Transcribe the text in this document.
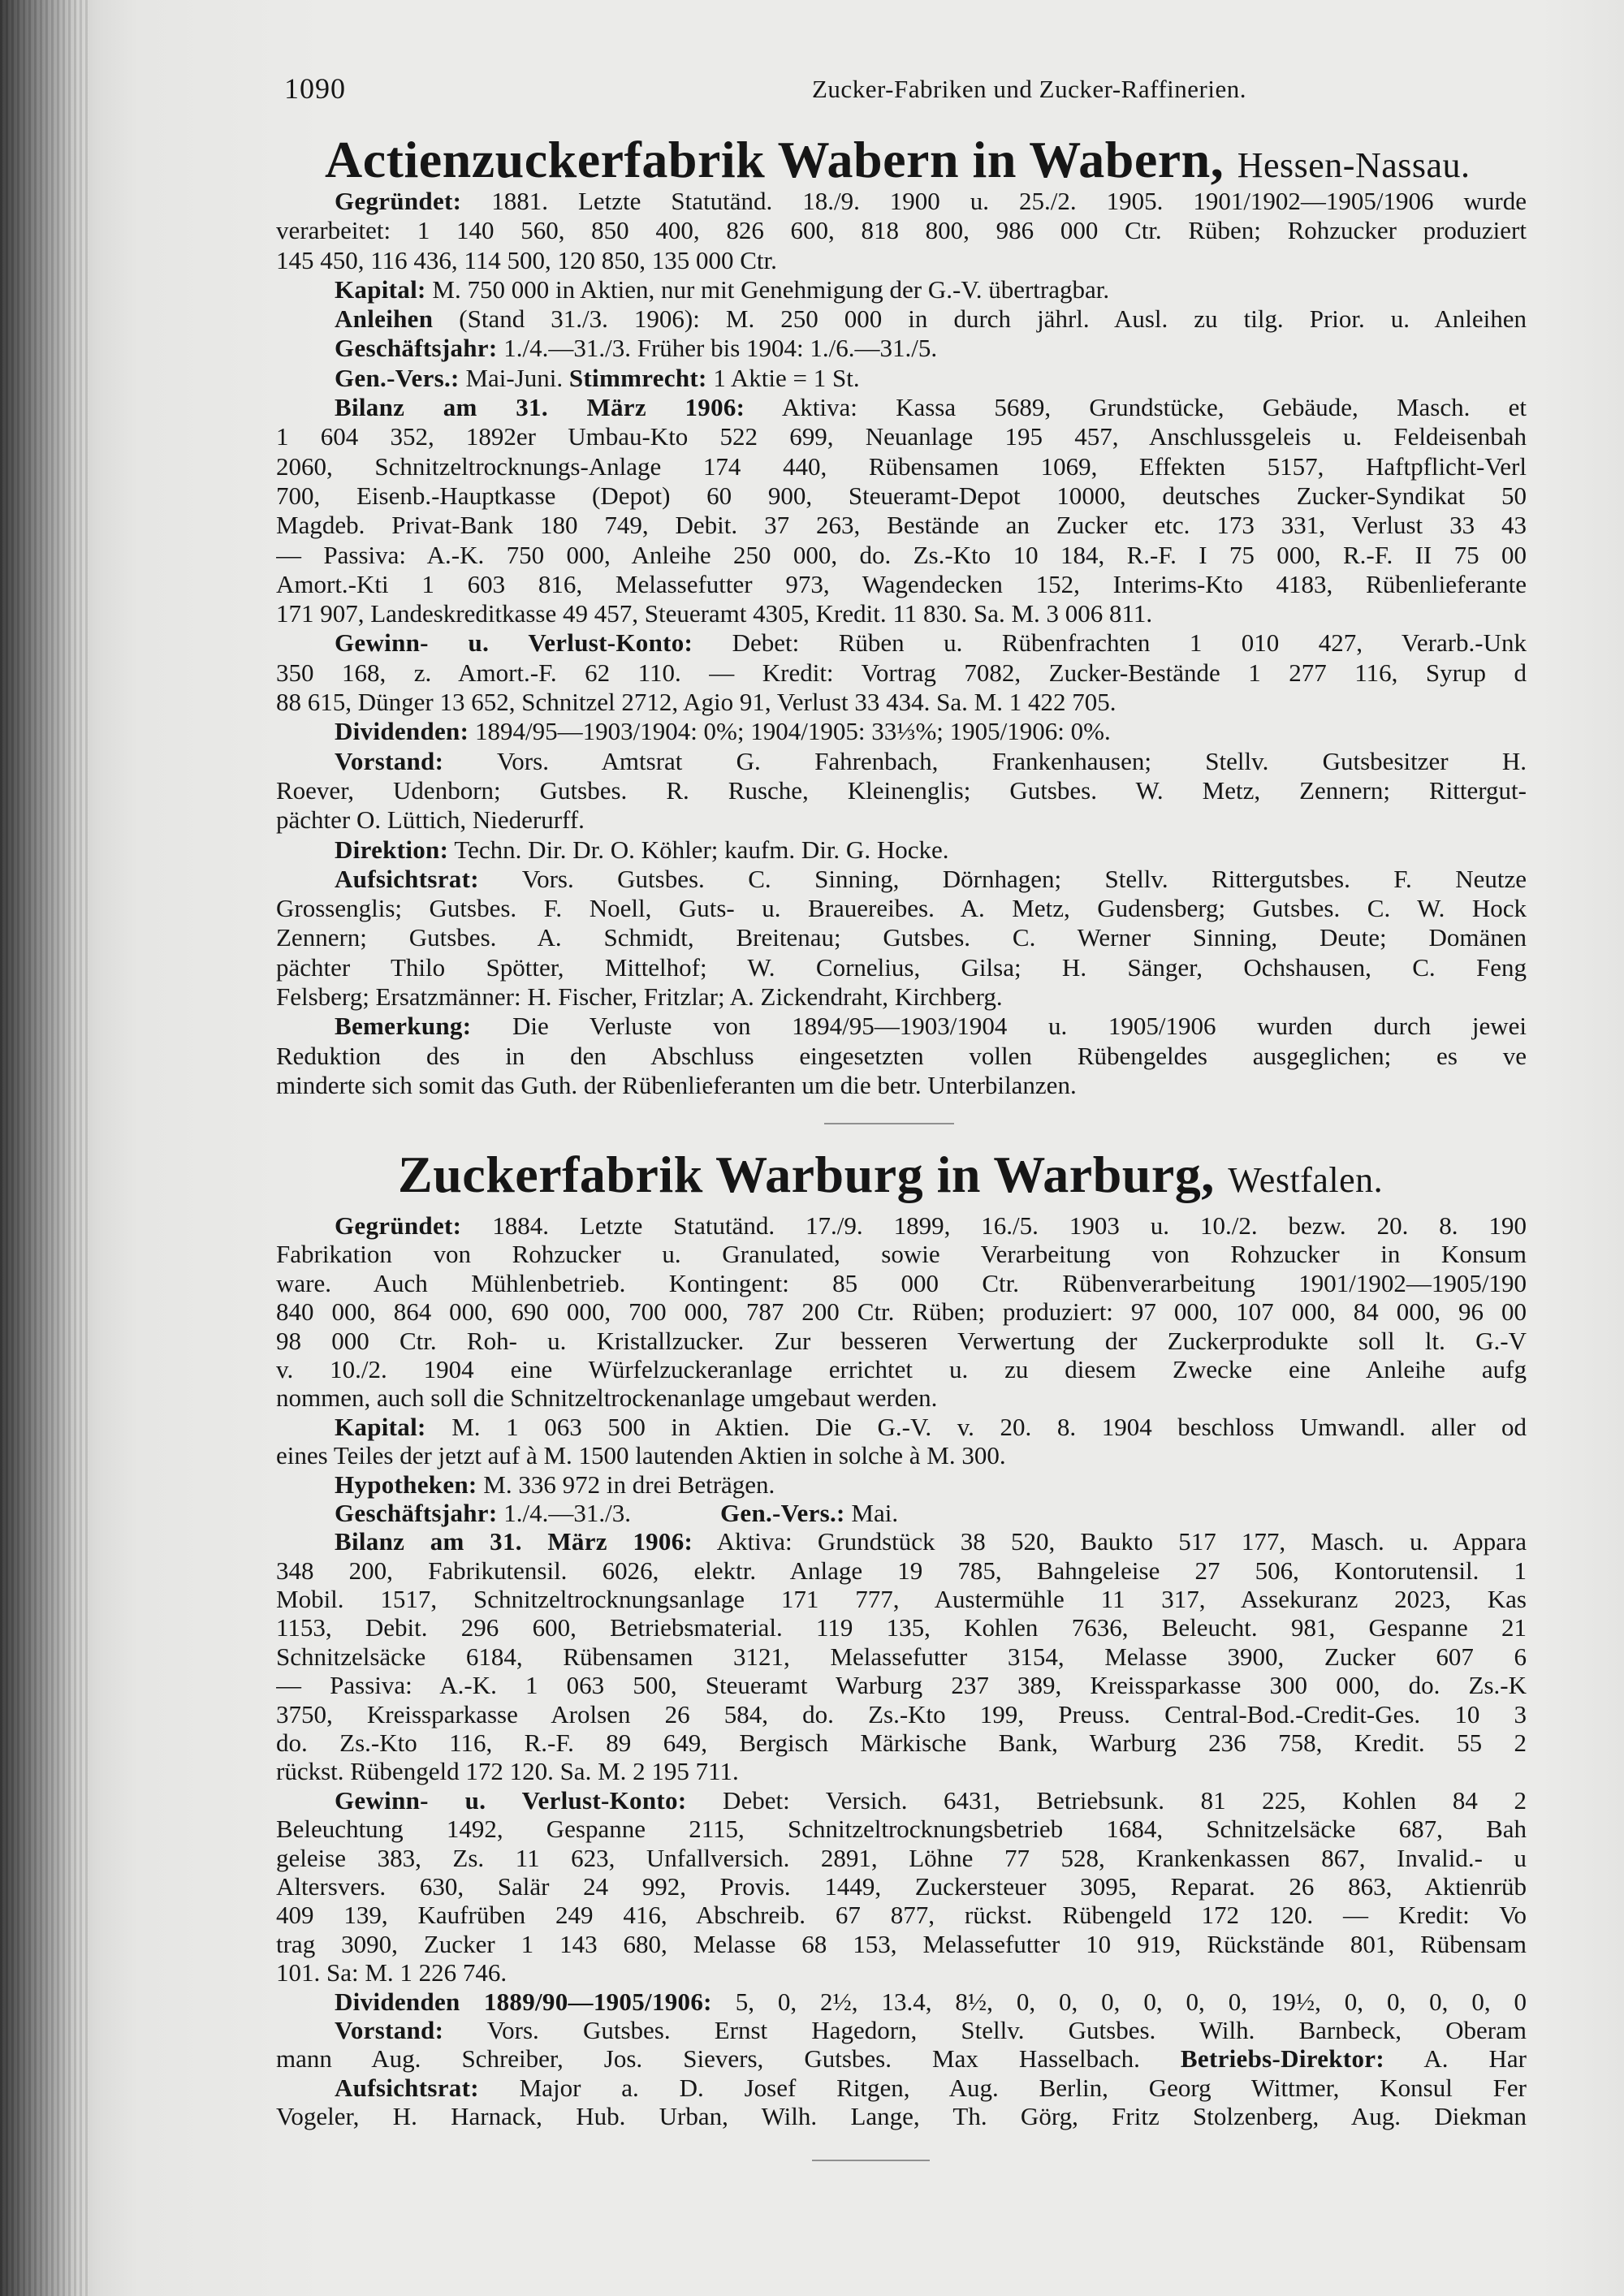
1090	Zucker-Fabriken und Zucker-Raffinerien.
Actienzuckerfabrik Wabern in Wabern, Hessen-Nassau.
Gegründet: 1881. Letzte Statutänd. 18./9. 1900 u. 25./2. 1905. 1901/1902—1905/1906 wurde
verarbeitet: 1 140 560, 850 400, 826 600, 818 800, 986 000 Ctr. Rüben; Rohzucker produziert
145 450, 116 436, 114 500, 120 850, 135 000 Ctr.
Kapital: M. 750 000 in Aktien, nur mit Genehmigung der G.-V. übertragbar.
Anleihen (Stand 31./3. 1906): M. 250 000 in durch jährl. Ausl. zu tilg. Prior. u. Anleihen
Geschäftsjahr: 1./4.—31./3. Früher bis 1904: 1./6.—31./5.
Gen.-Vers.: Mai-Juni. Stimmrecht: 1 Aktie = 1 St.
Bilanz am 31. März 1906: Aktiva: Kassa 5689, Grundstücke, Gebäude, Masch. et
1 604 352, 1892er Umbau-Kto 522 699, Neuanlage 195 457, Anschlussgeleis u. Feldeisenbah
2060, Schnitzeltrocknungs-Anlage 174 440, Rübensamen 1069, Effekten 5157, Haftpflicht-Verl
700, Eisenb.-Hauptkasse (Depot) 60 900, Steueramt-Depot 10000, deutsches Zucker-Syndikat 50
Magdeb. Privat-Bank 180 749, Debit. 37 263, Bestände an Zucker etc. 173 331, Verlust 33 43
— Passiva: A.-K. 750 000, Anleihe 250 000, do. Zs.-Kto 10 184, R.-F. I 75 000, R.-F. II 75 00
Amort.-Kti 1 603 816, Melassefutter 973, Wagendecken 152, Interims-Kto 4183, Rübenlieferante
171 907, Landeskreditkasse 49 457, Steueramt 4305, Kredit. 11 830. Sa. M. 3 006 811.
Gewinn- u. Verlust-Konto: Debet: Rüben u. Rübenfrachten 1 010 427, Verarb.-Unk
350 168, z. Amort.-F. 62 110. — Kredit: Vortrag 7082, Zucker-Bestände 1 277 116, Syrup d
88 615, Dünger 13 652, Schnitzel 2712, Agio 91, Verlust 33 434. Sa. M. 1 422 705.
Dividenden: 1894/95—1903/1904: 0%; 1904/1905: 33⅓%; 1905/1906: 0%.
Vorstand: Vors. Amtsrat G. Fahrenbach, Frankenhausen; Stellv. Gutsbesitzer H.
Roever, Udenborn; Gutsbes. R. Rusche, Kleinenglis; Gutsbes. W. Metz, Zennern; Rittergut-
pächter O. Lüttich, Niederurff.
Direktion: Techn. Dir. Dr. O. Köhler; kaufm. Dir. G. Hocke.
Aufsichtsrat: Vors. Gutsbes. C. Sinning, Dörnhagen; Stellv. Rittergutsbes. F. Neutze
Grossenglis; Gutsbes. F. Noell, Guts- u. Brauereibes. A. Metz, Gudensberg; Gutsbes. C. W. Hock
Zennern; Gutsbes. A. Schmidt, Breitenau; Gutsbes. C. Werner Sinning, Deute; Domänen
pächter Thilo Spötter, Mittelhof; W. Cornelius, Gilsa; H. Sänger, Ochshausen, C. Feng
Felsberg; Ersatzmänner: H. Fischer, Fritzlar; A. Zickendraht, Kirchberg.
Bemerkung: Die Verluste von 1894/95—1903/1904 u. 1905/1906 wurden durch jewei
Reduktion des in den Abschluss eingesetzten vollen Rübengeldes ausgeglichen; es ve
minderte sich somit das Guth. der Rübenlieferanten um die betr. Unterbilanzen.
Zuckerfabrik Warburg in Warburg, Westfalen.
Gegründet: 1884. Letzte Statutänd. 17./9. 1899, 16./5. 1903 u. 10./2. bezw. 20. 8. 190
Fabrikation von Rohzucker u. Granulated, sowie Verarbeitung von Rohzucker in Konsum
ware. Auch Mühlenbetrieb. Kontingent: 85 000 Ctr. Rübenverarbeitung 1901/1902—1905/190
840 000, 864 000, 690 000, 700 000, 787 200 Ctr. Rüben; produziert: 97 000, 107 000, 84 000, 96 00
98 000 Ctr. Roh- u. Kristallzucker. Zur besseren Verwertung der Zuckerprodukte soll lt. G.-V
v. 10./2. 1904 eine Würfelzuckeranlage errichtet u. zu diesem Zwecke eine Anleihe aufg
nommen, auch soll die Schnitzeltrockenanlage umgebaut werden.
Kapital: M. 1 063 500 in Aktien. Die G.-V. v. 20. 8. 1904 beschloss Umwandl. aller od
eines Teiles der jetzt auf à M. 1500 lautenden Aktien in solche à M. 300.
Hypotheken: M. 336 972 in drei Beträgen.
Geschäftsjahr: 1./4.—31./3.	Gen.-Vers.: Mai.
Bilanz am 31. März 1906: Aktiva: Grundstück 38 520, Baukto 517 177, Masch. u. Appara
348 200, Fabrikutensil. 6026, elektr. Anlage 19 785, Bahngeleise 27 506, Kontorutensil. 1
Mobil. 1517, Schnitzeltrocknungsanlage 171 777, Austermühle 11 317, Assekuranz 2023, Kas
1153, Debit. 296 600, Betriebsmaterial. 119 135, Kohlen 7636, Beleucht. 981, Gespanne 21
Schnitzelsäcke 6184, Rübensamen 3121, Melassefutter 3154, Melasse 3900, Zucker 607 6
— Passiva: A.-K. 1 063 500, Steueramt Warburg 237 389, Kreissparkasse 300 000, do. Zs.-K
3750, Kreissparkasse Arolsen 26 584, do. Zs.-Kto 199, Preuss. Central-Bod.-Credit-Ges. 10 3
do. Zs.-Kto 116, R.-F. 89 649, Bergisch Märkische Bank, Warburg 236 758, Kredit. 55 2
rückst. Rübengeld 172 120. Sa. M. 2 195 711.
Gewinn- u. Verlust-Konto: Debet: Versich. 6431, Betriebsunk. 81 225, Kohlen 84 2
Beleuchtung 1492, Gespanne 2115, Schnitzeltrocknungsbetrieb 1684, Schnitzelsäcke 687, Bah
geleise 383, Zs. 11 623, Unfallversich. 2891, Löhne 77 528, Krankenkassen 867, Invalid.- u
Altersvers. 630, Salär 24 992, Provis. 1449, Zuckersteuer 3095, Reparat. 26 863, Aktienrüb
409 139, Kaufrüben 249 416, Abschreib. 67 877, rückst. Rübengeld 172 120. — Kredit: Vo
trag 3090, Zucker 1 143 680, Melasse 68 153, Melassefutter 10 919, Rückstände 801, Rübensam
101. Sa: M. 1 226 746.
Dividenden 1889/90—1905/1906: 5, 0, 2½, 13.4, 8½, 0, 0, 0, 0, 0, 0, 19½, 0, 0, 0, 0, 0
Vorstand: Vors. Gutsbes. Ernst Hagedorn, Stellv. Gutsbes. Wilh. Barnbeck, Oberam
mann Aug. Schreiber, Jos. Sievers, Gutsbes. Max Hasselbach. Betriebs-Direktor: A. Har
Aufsichtsrat: Major a. D. Josef Ritgen, Aug. Berlin, Georg Wittmer, Konsul Fer
Vogeler, H. Harnack, Hub. Urban, Wilh. Lange, Th. Görg, Fritz Stolzenberg, Aug. Diekman
